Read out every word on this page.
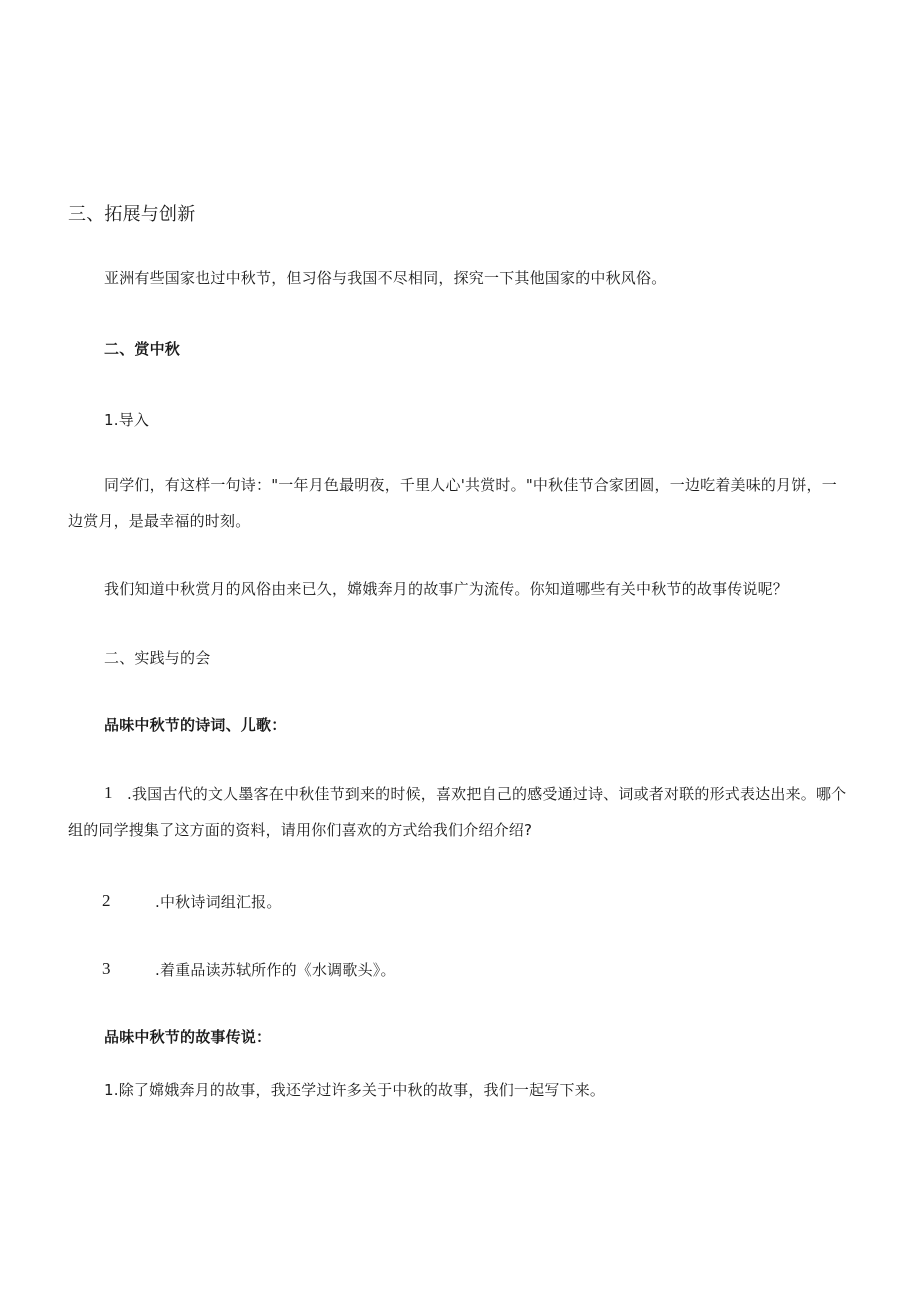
三、拓展与创新
亚洲有些国家也过中秋节，但习俗与我国不尽相同，探究一下其他国家的中秋风俗。
二、赏中秋
1.导入
同学们，有这样一句诗："一年月色最明夜，千里人心'共赏时。"中秋佳节合家团圆，一边吃着美味的月饼，一
边赏月，是最幸福的时刻。
我们知道中秋赏月的风俗由来已久，嫦娥奔月的故事广为流传。你知道哪些有关中秋节的故事传说呢？
二、实践与的会
品味中秋节的诗词、儿歌：
1 .我国古代的文人墨客在中秋佳节到来的时候，喜欢把自己的感受通过诗、词或者对联的形式表达出来。哪个
组的同学搜集了这方面的资料，请用你们喜欢的方式给我们介绍介绍?
2	.中秋诗词组汇报。
3	.着重品读苏轼所作的《水调歌头》。
品味中秋节的故事传说：
1.除了嫦娥奔月的故事，我还学过许多关于中秋的故事，我们一起写下来。
